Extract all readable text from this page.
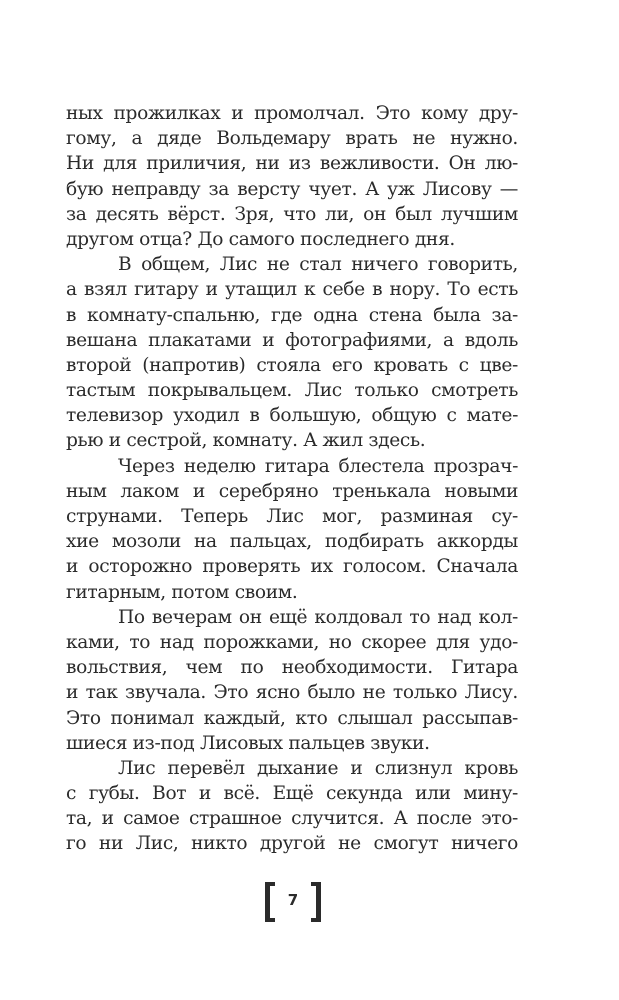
ных прожилках и промолчал. Это кому дру-
гому, а дяде Вольдемару врать не нужно.
Ни для приличия, ни из вежливости. Он лю-
бую неправду за версту чует. А уж Лисову —
за десять вёрст. Зря, что ли, он был лучшим
другом отца? До самого последнего дня.
В общем, Лис не стал ничего говорить,
а взял гитару и утащил к себе в нору. То есть
в комнату-спальню, где одна стена была за-
вешана плакатами и фотографиями, а вдоль
второй (напротив) стояла его кровать с цве-
тастым покрывальцем. Лис только смотреть
телевизор уходил в большую, общую с мате-
рью и сестрой, комнату. А жил здесь.
Через неделю гитара блестела прозрач-
ным лаком и серебряно тренькала новыми
струнами. Теперь Лис мог, разминая су-
хие мозоли на пальцах, подбирать аккорды
и осторожно проверять их голосом. Сначала
гитарным, потом своим.
По вечерам он ещё колдовал то над кол-
ками, то над порожками, но скорее для удо-
вольствия, чем по необходимости. Гитара
и так звучала. Это ясно было не только Лису.
Это понимал каждый, кто слышал рассыпав-
шиеся из-под Лисовых пальцев звуки.
Лис перевёл дыхание и слизнул кровь
с губы. Вот и всё. Ещё секунда или мину-
та, и самое страшное случится. А после это-
го ни Лис, никто другой не смогут ничего
7
